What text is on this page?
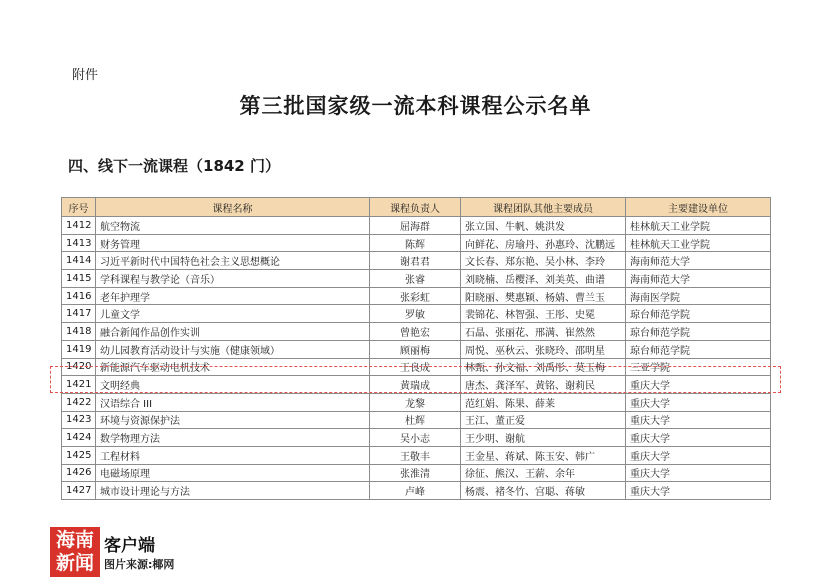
附件
第三批国家级一流本科课程公示名单
四、线下一流课程（1842 门）
序号	课程名称	课程负责人	课程团队其他主要成员	主要建设单位
1412	航空物流	屈海群	张立国、牛帆、姚洪发	桂林航天工业学院
1413	财务管理	陈辉	向鲜花、房瑜丹、孙惠玲、沈鹏远	桂林航天工业学院
1414	习近平新时代中国特色社会主义思想概论	谢君君	文长春、郑东艳、吴小林、李玲	海南师范大学
1415	学科课程与教学论（音乐）	张睿	刘晓楠、岳樱泽、刘美英、曲谱	海南师范大学
1416	老年护理学	张彩虹	阳晓丽、樊惠颖、杨婧、曹兰玉	海南医学院
1417	儿童文学	罗敏	裴锦花、林智强、王彤、史冕	琼台师范学院
1418	融合新闻作品创作实训	曾艳宏	石晶、张丽花、邢满、崔然然	琼台师范学院
1419	幼儿园教育活动设计与实施（健康领域）	顾丽梅	周悦、巫秋云、张晓玲、邵明星	琼台师范学院
1420	新能源汽车驱动电机技术	王良成	林甄、孙文福、刘禹彤、莫玉梅	三亚学院
1421	文明经典	黄瑞成	唐杰、龚泽军、黄铭、谢莉民	重庆大学
1422	汉语综合 III	龙黎	范红娟、陈果、薛莱	重庆大学
1423	环境与资源保护法	杜辉	王江、董正爱	重庆大学
1424	数学物理方法	吴小志	王少明、谢航	重庆大学
1425	工程材料	王敬丰	王金星、蒋斌、陈玉安、韩广	重庆大学
1426	电磁场原理	张淮清	徐征、熊汉、王薪、余年	重庆大学
1427	城市设计理论与方法	卢峰	杨震、褚冬竹、宫聪、蒋敏	重庆大学
海南
新闻
客户端
图片来源:椰网
